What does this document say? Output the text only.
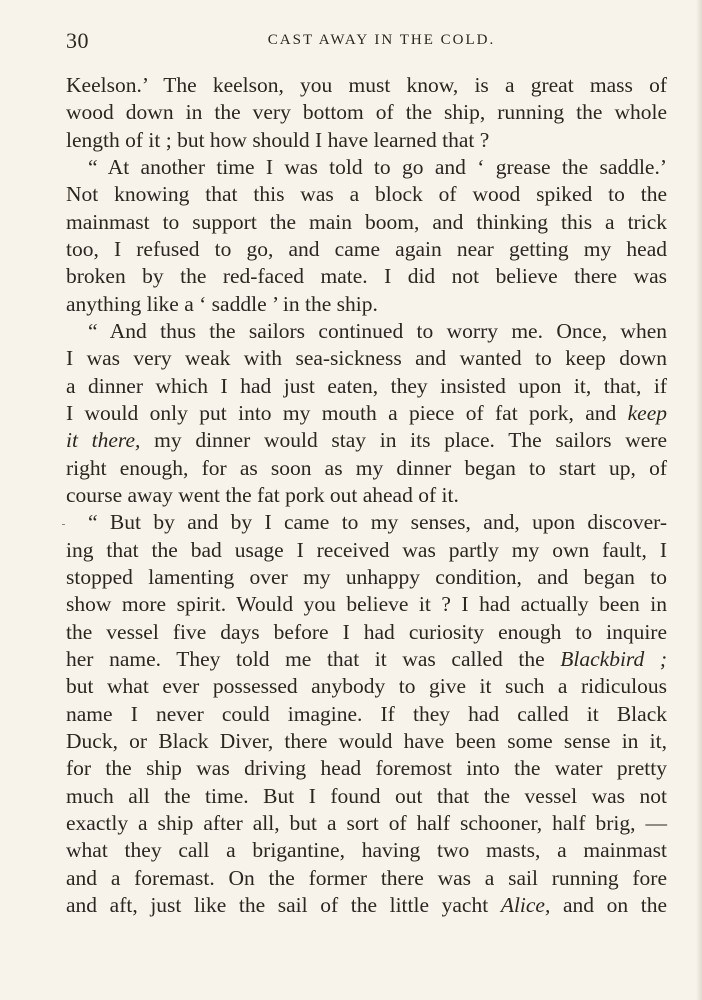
30	CAST AWAY IN THE COLD.
Keelson.’ The keelson, you must know, is a great mass of
wood down in the very bottom of the ship, running the whole
length of it ; but how should I have learned that ?
“ At another time I was told to go and ‘ grease the saddle.’
Not knowing that this was a block of wood spiked to the
mainmast to support the main boom, and thinking this a trick
too, I refused to go, and came again near getting my head
broken by the red-faced mate. I did not believe there was
anything like a ‘ saddle ’ in the ship.
“ And thus the sailors continued to worry me. Once, when
I was very weak with sea-sickness and wanted to keep down
a dinner which I had just eaten, they insisted upon it, that, if
I would only put into my mouth a piece of fat pork, and keep
it there, my dinner would stay in its place. The sailors were
right enough, for as soon as my dinner began to start up, of
course away went the fat pork out ahead of it.
“ But by and by I came to my senses, and, upon discover-
ing that the bad usage I received was partly my own fault, I
stopped lamenting over my unhappy condition, and began to
show more spirit. Would you believe it ? I had actually been in
the vessel five days before I had curiosity enough to inquire
her name. They told me that it was called the Blackbird ;
but what ever possessed anybody to give it such a ridiculous
name I never could imagine. If they had called it Black
Duck, or Black Diver, there would have been some sense in it,
for the ship was driving head foremost into the water pretty
much all the time. But I found out that the vessel was not
exactly a ship after all, but a sort of half schooner, half brig, —
what they call a brigantine, having two masts, a mainmast
and a foremast. On the former there was a sail running fore
and aft, just like the sail of the little yacht Alice, and on the
